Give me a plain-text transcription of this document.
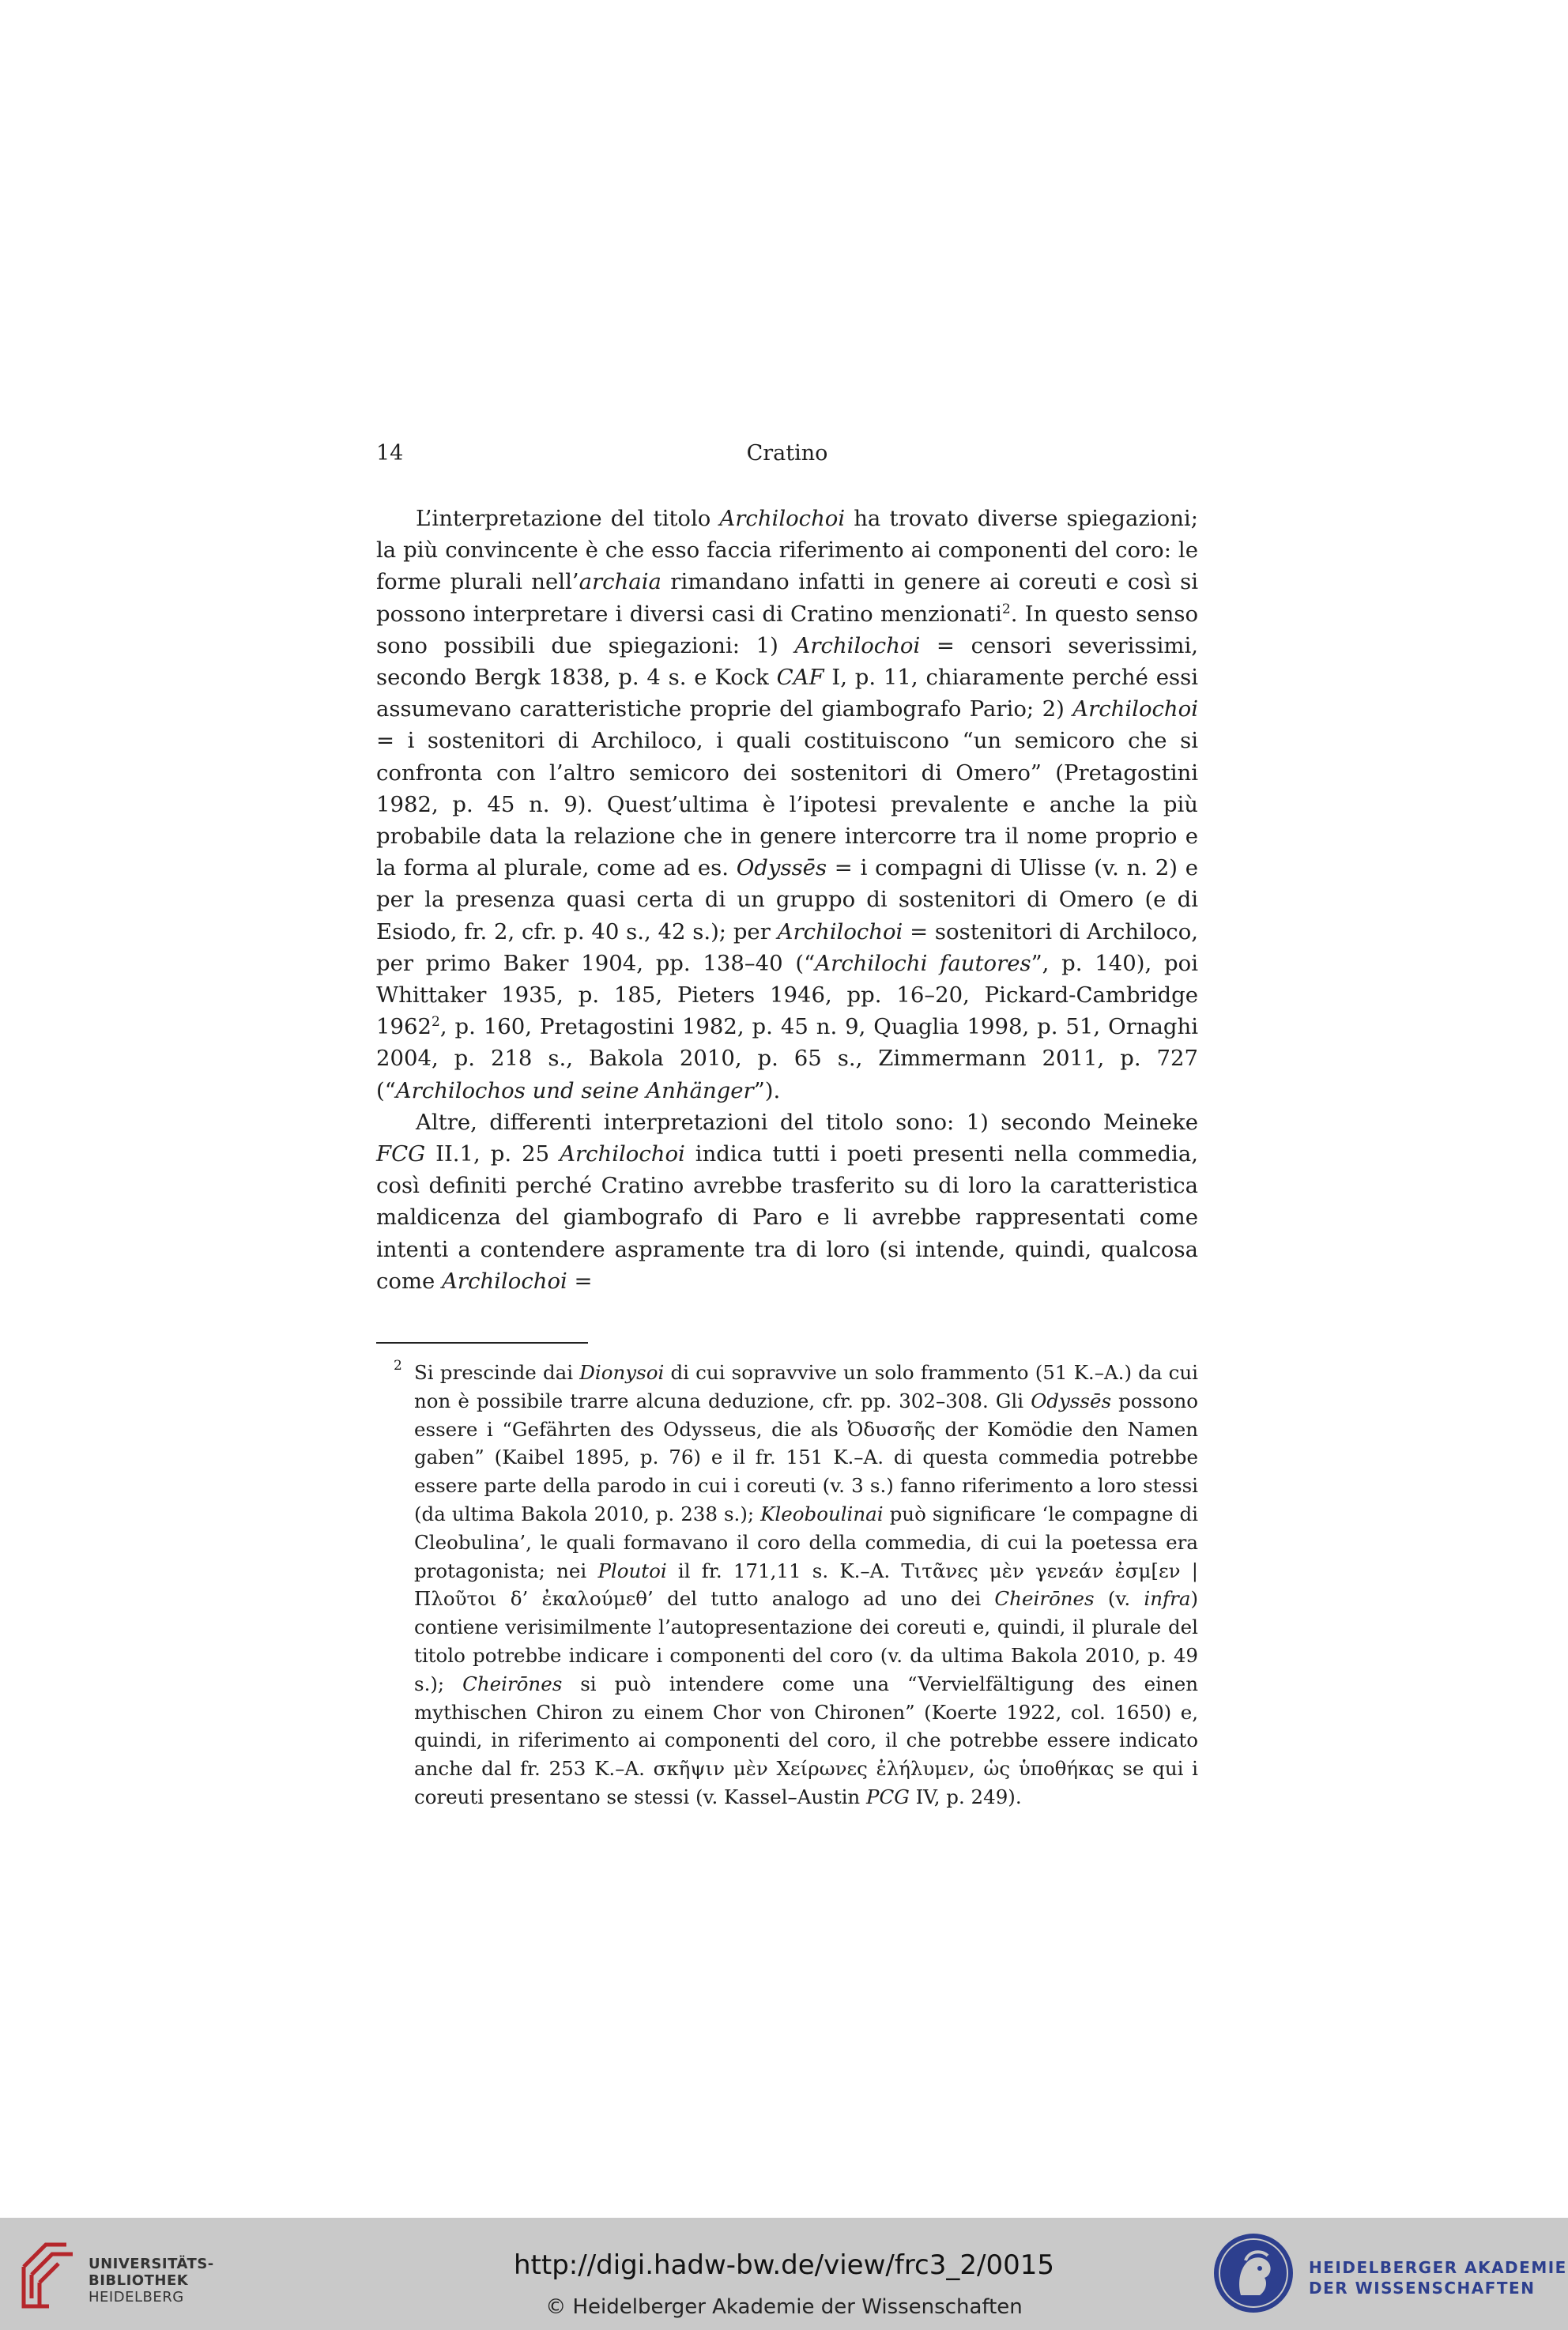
14	Cratino

L’interpretazione del titolo Archilochoi ha trovato diverse spiegazioni; la più convincente è che esso faccia riferimento ai componenti del coro: le forme plurali nell’archaia rimandano infatti in genere ai coreuti e così si possono interpretare i diversi casi di Cratino menzionati$^2$. In questo senso sono possibili due spiegazioni: 1) Archilochoi = censori severissimi, secondo Bergk 1838, p. 4 s. e Kock CAF I, p. 11, chiaramente perché essi assumevano caratteristiche proprie del giambografo Pario; 2) Archilochoi = i sostenitori di Archiloco, i quali costituiscono “un semicoro che si confronta con l’altro semicoro dei sostenitori di Omero” (Pretagostini 1982, p. 45 n. 9). Quest’ultima è l’ipotesi prevalente e anche la più probabile data la relazione che in genere intercorre tra il nome proprio e la forma al plurale, come ad es. Odyssēs = i compagni di Ulisse (v. n. 2) e per la presenza quasi certa di un gruppo di sostenitori di Omero (e di Esiodo, fr. 2, cfr. p. 40 s., 42 s.); per Archilochoi = sostenitori di Archiloco, per primo Baker 1904, pp. 138–40 (“Archilochi fautores”, p. 140), poi Whittaker 1935, p. 185, Pieters 1946, pp. 16–20, Pickard-Cambridge 1962$^2$, p. 160, Pretagostini 1982, p. 45 n. 9, Quaglia 1998, p. 51, Ornaghi 2004, p. 218 s., Bakola 2010, p. 65 s., Zimmermann 2011, p. 727 (“Archilochos und seine Anhänger”).

Altre, differenti interpretazioni del titolo sono: 1) secondo Meineke FCG II.1, p. 25 Archilochoi indica tutti i poeti presenti nella commedia, così definiti perché Cratino avrebbe trasferito su di loro la caratteristica maldicenza del giambografo di Paro e li avrebbe rappresentati come intenti a contendere aspramente tra di loro (si intende, quindi, qualcosa come Archilochoi =

2 Si prescinde dai Dionysoi di cui sopravvive un solo frammento (51 K.–A.) da cui non è possibile trarre alcuna deduzione, cfr. pp. 302–308. Gli Odyssēs possono essere i “Gefährten des Odysseus, die als Ὀδυσσῆς der Komödie den Namen gaben” (Kaibel 1895, p. 76) e il fr. 151 K.–A. di questa commedia potrebbe essere parte della parodo in cui i coreuti (v. 3 s.) fanno riferimento a loro stessi (da ultima Bakola 2010, p. 238 s.); Kleoboulinai può significare ‘le compagne di Cleobulina’, le quali formavano il coro della commedia, di cui la poetessa era protagonista; nei Ploutoi il fr. 171,11 s. K.–A. Τιτᾶνες μὲν γενεάν ἐσμ[εν | Πλοῦτοι δ’ ἐκαλούμεθ’ del tutto analogo ad uno dei Cheirōnes (v. infra) contiene verisimilmente l’autopresentazione dei coreuti e, quindi, il plurale del titolo potrebbe indicare i componenti del coro (v. da ultima Bakola 2010, p. 49 s.); Cheirōnes si può intendere come una “Vervielfältigung des einen mythischen Chiron zu einem Chor von Chironen” (Koerte 1922, col. 1650) e, quindi, in riferimento ai componenti del coro, il che potrebbe essere indicato anche dal fr. 253 K.–A. σκῆψιν μὲν Χείρωνες ἐλήλυμεν, ὡς ὑποθήκας se qui i coreuti presentano se stessi (v. Kassel–Austin PCG IV, p. 249).
UNIVERSITÄTS-
BIBLIOTHEK
HEIDELBERG
http://digi.hadw-bw.de/view/frc3_2/0015
© Heidelberger Akademie der Wissenschaften
HEIDELBERGER AKADEMIE
DER WISSENSCHAFTEN
